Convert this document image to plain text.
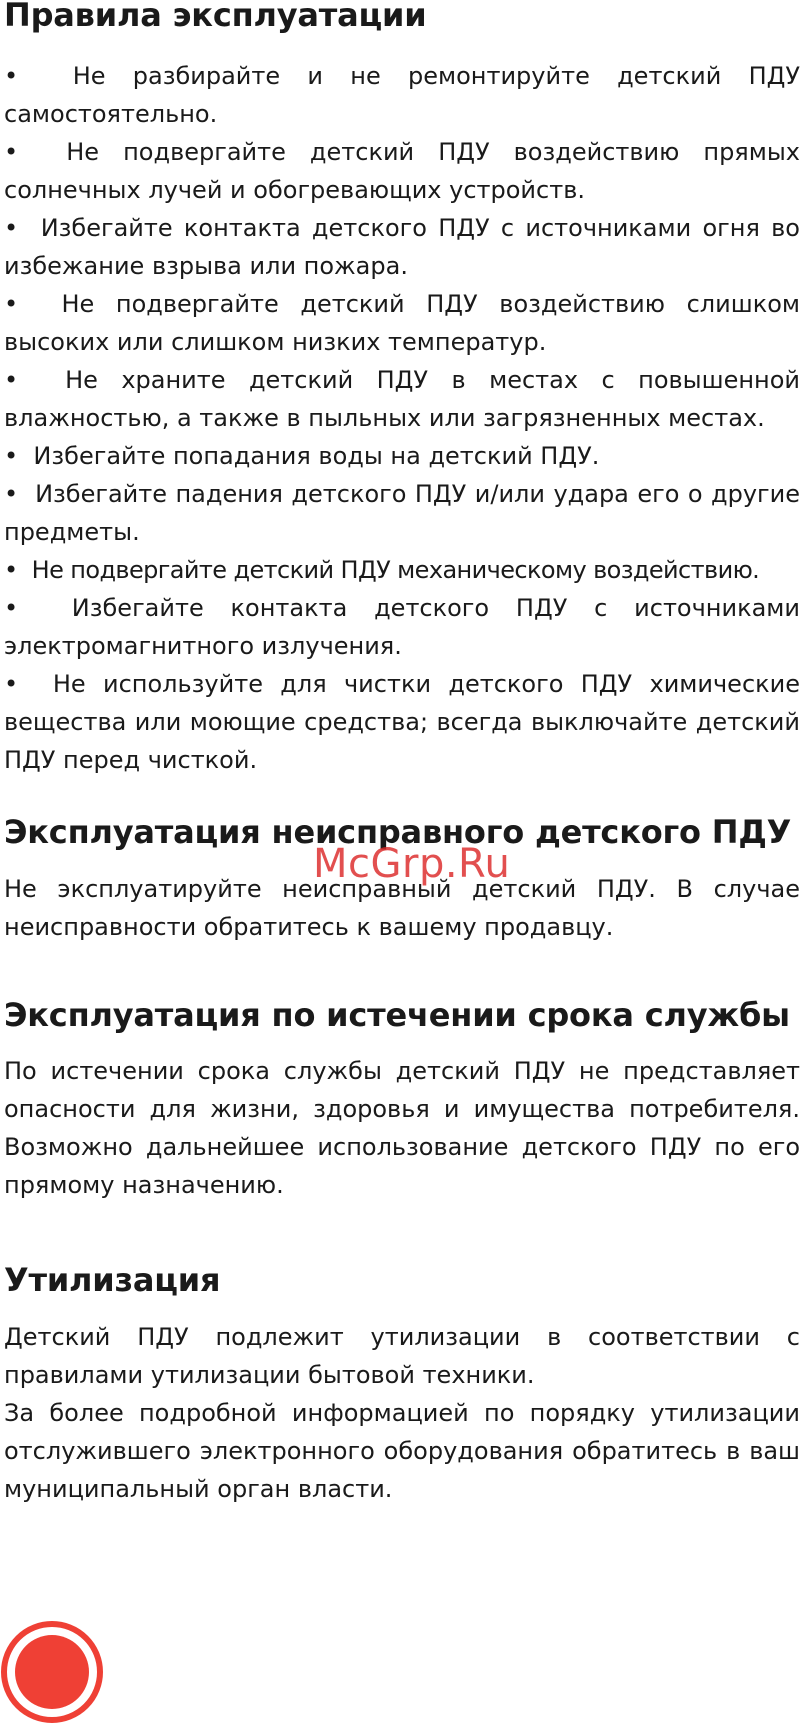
Правила эксплуатации
•  Не разбирайте и не ремонтируйте детский ПДУ самостоятельно.
•  Не подвергайте детский ПДУ воздействию прямых солнечных лучей и обогревающих устройств.
•  Избегайте контакта детского ПДУ с источниками огня во избежание взрыва или пожара.
•  Не подвергайте детский ПДУ воздействию слишком высоких или слишком низких температур.
•  Не храните детский ПДУ в местах с повышенной влажностью, а также в пыльных или загрязненных местах.
•  Избегайте попадания воды на детский ПДУ.
•  Избегайте падения детского ПДУ и/или удара его о другие предметы.
•  Не подвергайте детский ПДУ механическому воздействию.
•  Избегайте контакта детского ПДУ с источниками электромагнитного излучения.
•  Не используйте для чистки детского ПДУ химические вещества или моющие средства; всегда выключайте детский ПДУ перед чисткой.
Эксплуатация неисправного детского ПДУ

Не эксплуатируйте неисправный детский ПДУ. В случае неисправности обратитесь к вашему продавцу.

Эксплуатация по истечении срока службы

По истечении срока службы детский ПДУ не представляет опасности для жизни, здоровья и имущества потребителя. Возможно дальнейшее использование детского ПДУ по его прямому назначению.

Утилизация

Детский ПДУ подлежит утилизации в соответствии с правилами утилизации бытовой техники.

За более подробной информацией по порядку утилизации отслужившего электронного оборудования обратитесь в ваш муниципальный орган власти.

McGrp.Ru
